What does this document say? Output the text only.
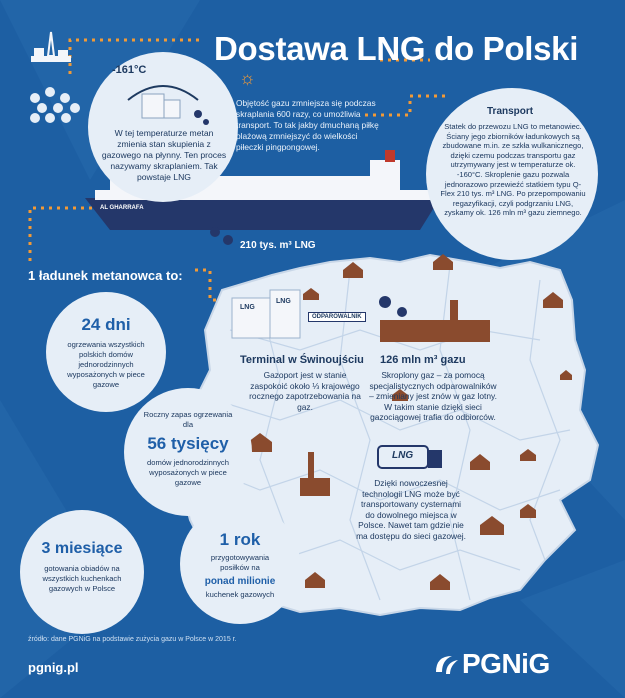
Dostawa LNG do Polski
-161°C
W tej temperaturze metan zmienia stan skupienia z gazowego na płynny. Ten proces nazywamy skraplaniem. Tak powstaje LNG
☼
Objętość gazu zmniejsza się podczas skraplania 600 razy, co umożliwia transport. To tak jakby dmuchaną piłkę plażową zmniejszyć do wielkości piłeczki pingpongowej.
Transport
Statek do przewozu LNG to metanowiec. Ściany jego zbiorników ładunkowych są zbudowane m.in. ze szkła wulkanicznego, dzięki czemu podczas transportu gaz utrzymywany jest w temperaturze ok. -160°C. Skroplenie gazu pozwala jednorazowo przewieźć statkiem typu Q-Flex 210 tys. m³ LNG. Po przepompowaniu regazyfikacji, czyli podgrzaniu LNG, zyskamy ok. 126 mln m³ gazu ziemnego.
AL GHARRAFA
210 tys. m³ LNG
1 ładunek metanowca to:
24 dni
ogrzewania wszystkich polskich domów jednorodzinnych wyposażonych w piece gazowe
Roczny zapas ogrzewania dla
56 tysięcy
domów jednorodzinnych wyposażonych w piece gazowe
3 miesiące
gotowania obiadów na wszystkich kuchenkach gazowych w Polsce
1 rok
przygotowywania posiłków na
ponad milionie
kuchenek gazowych
LNG
LNG
ODPAROWALNIK
Terminal w Świnoujściu
Gazoport jest w stanie zaspokoić około ⅓ krajowego rocznego zapotrzebowania na gaz.
126 mln m³ gazu
Skroplony gaz – za pomocą specjalistycznych odparowalników – zmieniany jest znów w gaz lotny. W takim stanie dzięki sieci gazociągowej trafia do odbiorców.
LNG
Dzięki nowoczesnej technologii LNG może być transportowany cysternami do dowolnego miejsca w Polsce. Nawet tam gdzie nie ma dostępu do sieci gazowej.
źródło: dane PGNiG na podstawie zużycia gazu w Polsce w 2015 r.
pgnig.pl	PGNiG
